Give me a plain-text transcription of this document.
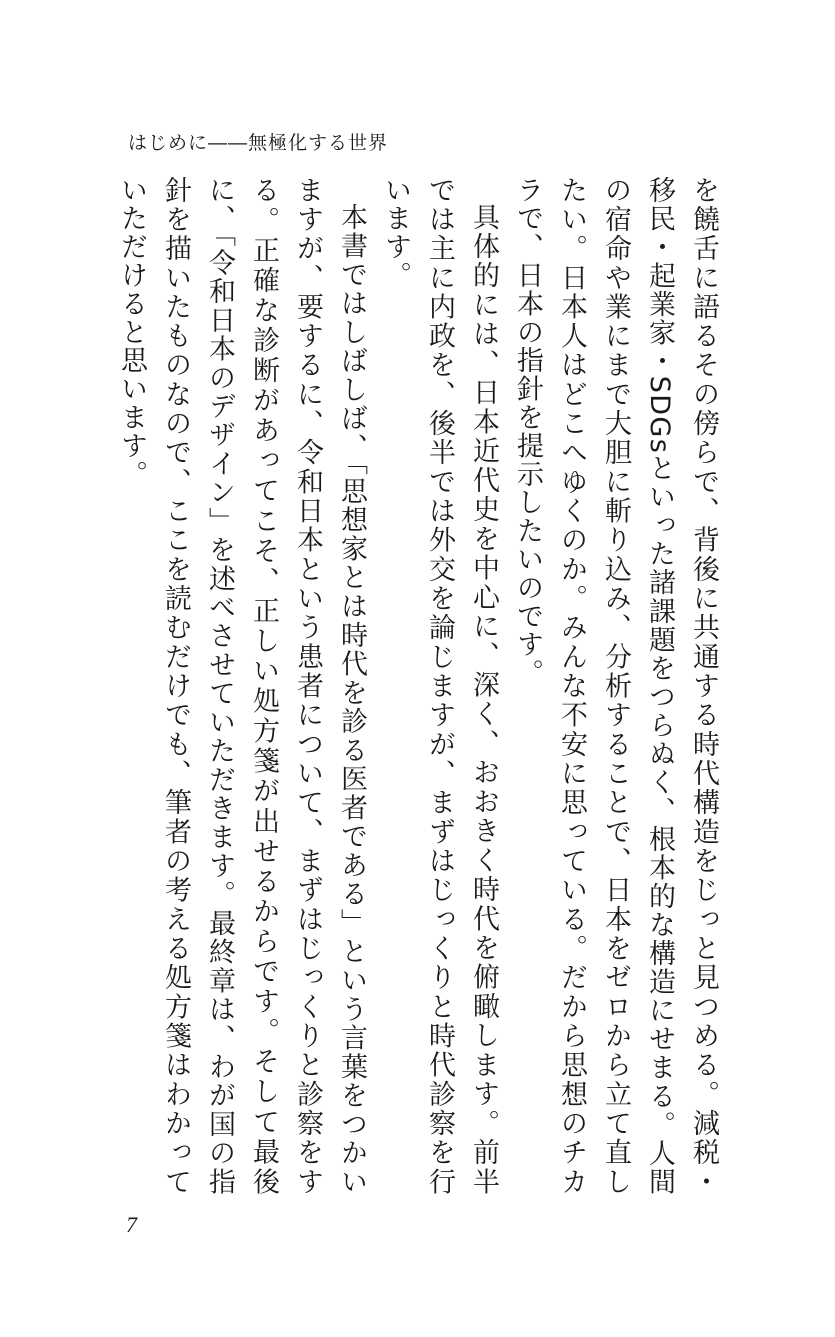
はじめに――無極化する世界

を饒舌に語るその傍らで、背後に共通する時代構造をじっと見つめる。減税・移民・起業家・SDGsといった諸課題をつらぬく、根本的な構造にせまる。人間の宿命や業にまで大胆に斬り込み、分析することで、日本をゼロから立て直したい。日本人はどこへゆくのか。みんな不安に思っている。だから思想のチカラで、日本の指針を提示したいのです。

具体的には、日本近代史を中心に、深く、おおきく時代を俯瞰します。前半では主に内政を、後半では外交を論じますが、まずはじっくりと時代診察を行います。

本書ではしばしば、「思想家とは時代を診る医者である」という言葉をつかいますが、要するに、令和日本という患者について、まずはじっくりと診察をする。正確な診断があってこそ、正しい処方箋が出せるからです。そして最後に、「令和日本のデザイン」を述べさせていただきます。最終章は、わが国の指針を描いたものなので、ここを読むだけでも、筆者の考える処方箋はわかっていただけると思います。

7
